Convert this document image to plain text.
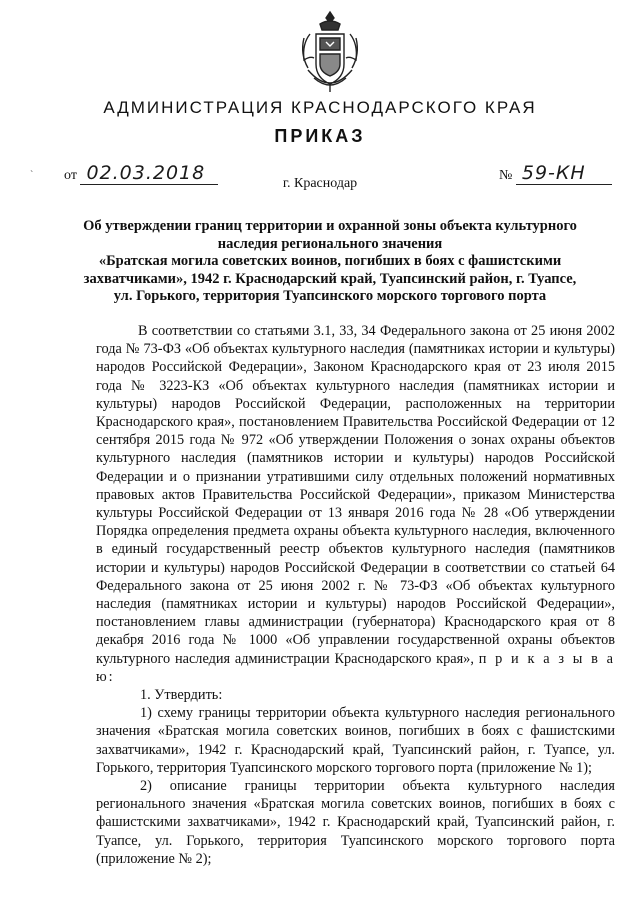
АДМИНИСТРАЦИЯ КРАСНОДАРСКОГО КРАЯ
ПРИКАЗ
` от 02.03.2018	№ 59-КН
г. Краснодар
Об утверждении границ территории и охранной зоны объекта культурного
наследия регионального значения
«Братская могила советских воинов, погибших в боях с фашистскими
захватчиками», 1942 г. Краснодарский край, Туапсинский район, г. Туапсе,
ул. Горького, территория Туапсинского морского торгового порта

В соответствии со статьями 3.1, 33, 34 Федерального закона от 25 июня 2002 года № 73-ФЗ «Об объектах культурного наследия (памятниках истории и культуры) народов Российской Федерации», Законом Краснодарского края от 23 июля 2015 года № 3223-КЗ «Об объектах культурного наследия (памятниках истории и культуры) народов Российской Федерации, расположенных на территории Краснодарского края», постановлением Правительства Российской Федерации от 12 сентября 2015 года № 972 «Об утверждении Положения о зонах охраны объектов культурного наследия (памятников истории и культуры) народов Российской Федерации и о признании утратившими силу отдельных положений нормативных правовых актов Правительства Российской Федерации», приказом Министерства культуры Российской Федерации от 13 января 2016 года № 28 «Об утверждении Порядка определения предмета охраны объекта культурного наследия, включенного в единый государственный реестр объектов культурного наследия (памятников истории и культуры) народов Российской Федерации в соответствии со статьей 64 Федерального закона от 25 июня 2002 г. № 73-ФЗ «Об объектах культурного наследия (памятниках истории и культуры) народов Российской Федерации», постановлением главы администрации (губернатора) Краснодарского края от 8 декабря 2016 года № 1000 «Об управлении государственной охраны объектов культурного наследия администрации Краснодарского края», п р и к а з ы в а ю:

1. Утвердить:

1) схему границы территории объекта культурного наследия регионального значения «Братская могила советских воинов, погибших в боях с фашистскими захватчиками», 1942 г. Краснодарский край, Туапсинский район, г. Туапсе, ул. Горького, территория Туапсинского морского торгового порта (приложение № 1);

2) описание границы территории объекта культурного наследия регионального значения «Братская могила советских воинов, погибших в боях с фашистскими захватчиками», 1942 г. Краснодарский край, Туапсинский район, г. Туапсе, ул. Горького, территория Туапсинского морского торгового порта (приложение № 2);
